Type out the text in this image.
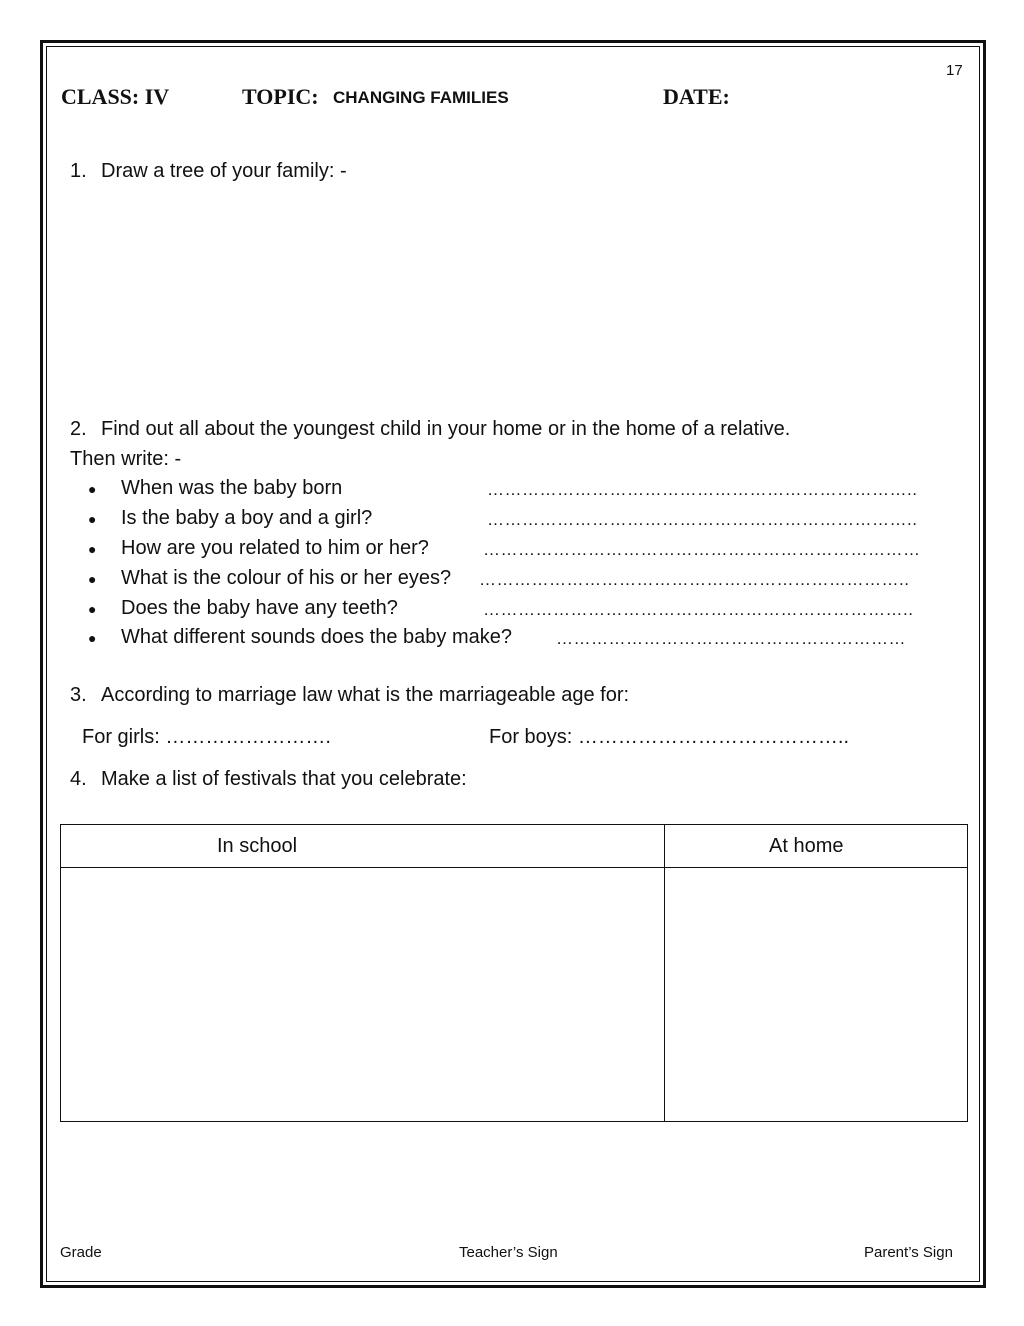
17
CLASS: IV	TOPIC: CHANGING FAMILIES	DATE:
1. Draw a tree of your family: -
2. Find out all about the youngest child in your home or in the home of a relative.
Then write: -
● When was the baby born	………………………………………………………………..
● Is the baby a boy and a girl?	………………………………………………………………..
● How are you related to him or her?	…………………………………………………………………
● What is the colour of his or her eyes? ………………………………………………………………..
● Does the baby have any teeth?	………………………………………………………………..
● What different sounds does the baby make?	……………………………………………………
3. According to marriage law what is the marriageable age for:
For girls: …………………….	For boys: …………………………………..
4. Make a list of festivals that you celebrate:
In school	At home

Grade	Teacher’s Sign	Parent’s Sign
